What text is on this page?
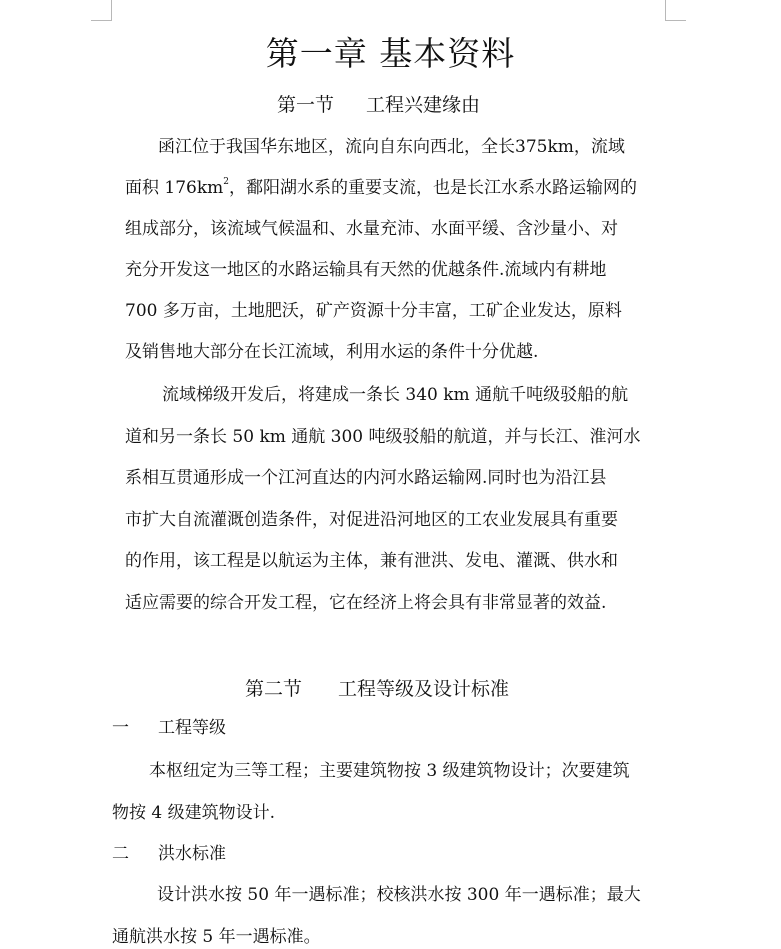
第一章 基本资料
第一节 工程兴建缘由
函江位于我国华东地区，流向自东向西北，全长375km，流域
面积 $176km^2$，鄱阳湖水系的重要支流，也是长江水系水路运输网的
组成部分，该流域气候温和、水量充沛、水面平缓、含沙量小、对
充分开发这一地区的水路运输具有天然的优越条件.流域内有耕地
700 多万亩，土地肥沃，矿产资源十分丰富，工矿企业发达，原料
及销售地大部分在长江流域，利用水运的条件十分优越.
流域梯级开发后，将建成一条长 340 km 通航千吨级驳船的航
道和另一条长 50 km 通航 300 吨级驳船的航道，并与长江、淮河水
系相互贯通形成一个江河直达的内河水路运输网.同时也为沿江县
市扩大自流灌溉创造条件，对促进沿河地区的工农业发展具有重要
的作用，该工程是以航运为主体，兼有泄洪、发电、灌溉、供水和
适应需要的综合开发工程，它在经济上将会具有非常显著的效益.
第二节 工程等级及设计标准
一 工程等级
本枢纽定为三等工程；主要建筑物按 3 级建筑物设计；次要建筑
物按 4 级建筑物设计.
二 洪水标准
设计洪水按 50 年一遇标准；校核洪水按 300 年一遇标准；最大
通航洪水按 5 年一遇标准。
